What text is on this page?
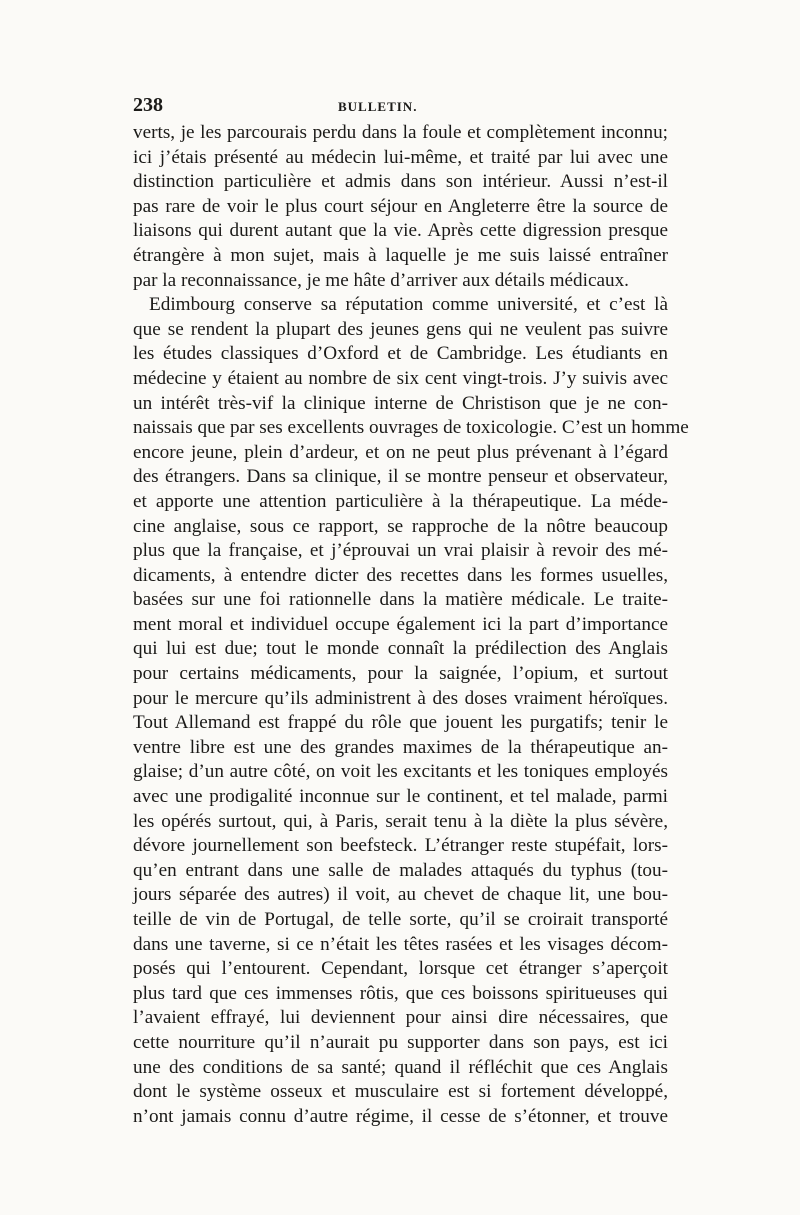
238	BULLETIN.
verts, je les parcourais perdu dans la foule et complètement inconnu;
ici j’étais présenté au médecin lui-même, et traité par lui avec une
distinction particulière et admis dans son intérieur. Aussi n’est-il
pas rare de voir le plus court séjour en Angleterre être la source de
liaisons qui durent autant que la vie. Après cette digression presque
étrangère à mon sujet, mais à laquelle je me suis laissé entraîner
par la reconnaissance, je me hâte d’arriver aux détails médicaux.
Edimbourg conserve sa réputation comme université, et c’est là
que se rendent la plupart des jeunes gens qui ne veulent pas suivre
les études classiques d’Oxford et de Cambridge. Les étudiants en
médecine y étaient au nombre de six cent vingt-trois. J’y suivis avec
un intérêt très-vif la clinique interne de Christison que je ne con-
naissais que par ses excellents ouvrages de toxicologie. C’est un homme
encore jeune, plein d’ardeur, et on ne peut plus prévenant à l’égard
des étrangers. Dans sa clinique, il se montre penseur et observateur,
et apporte une attention particulière à la thérapeutique. La méde-
cine anglaise, sous ce rapport, se rapproche de la nôtre beaucoup
plus que la française, et j’éprouvai un vrai plaisir à revoir des mé-
dicaments, à entendre dicter des recettes dans les formes usuelles,
basées sur une foi rationnelle dans la matière médicale. Le traite-
ment moral et individuel occupe également ici la part d’importance
qui lui est due; tout le monde connaît la prédilection des Anglais
pour certains médicaments, pour la saignée, l’opium, et surtout
pour le mercure qu’ils administrent à des doses vraiment héroïques.
Tout Allemand est frappé du rôle que jouent les purgatifs; tenir le
ventre libre est une des grandes maximes de la thérapeutique an-
glaise; d’un autre côté, on voit les excitants et les toniques employés
avec une prodigalité inconnue sur le continent, et tel malade, parmi
les opérés surtout, qui, à Paris, serait tenu à la diète la plus sévère,
dévore journellement son beefsteck. L’étranger reste stupéfait, lors-
qu’en entrant dans une salle de malades attaqués du typhus (tou-
jours séparée des autres) il voit, au chevet de chaque lit, une bou-
teille de vin de Portugal, de telle sorte, qu’il se croirait transporté
dans une taverne, si ce n’était les têtes rasées et les visages décom-
posés qui l’entourent. Cependant, lorsque cet étranger s’aperçoit
plus tard que ces immenses rôtis, que ces boissons spiritueuses qui
l’avaient effrayé, lui deviennent pour ainsi dire nécessaires, que
cette nourriture qu’il n’aurait pu supporter dans son pays, est ici
une des conditions de sa santé; quand il réfléchit que ces Anglais
dont le système osseux et musculaire est si fortement développé,
n’ont jamais connu d’autre régime, il cesse de s’étonner, et trouve
